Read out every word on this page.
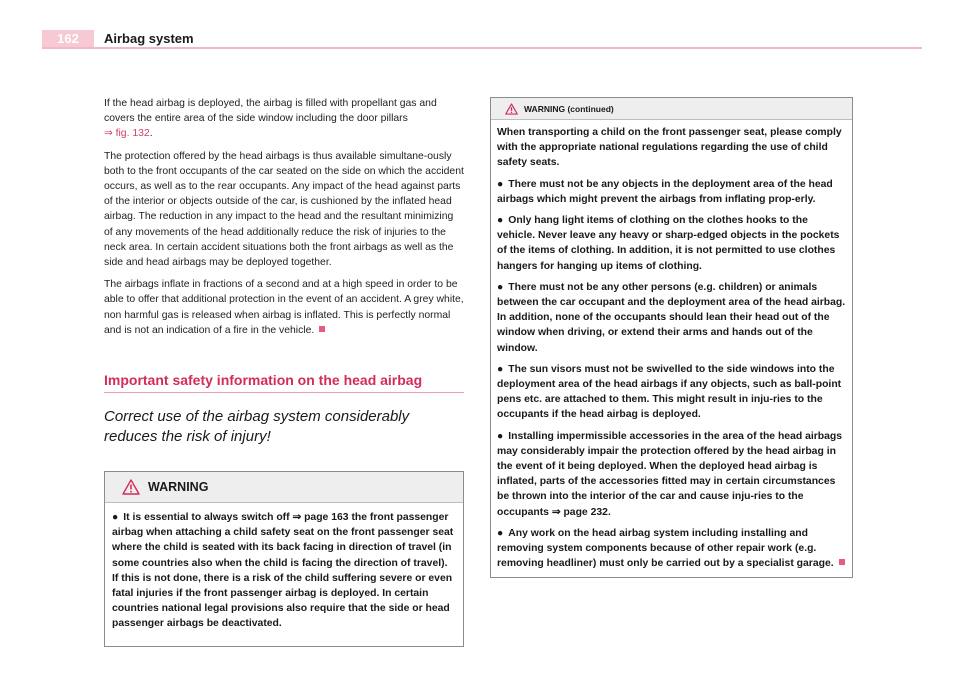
162	Airbag system

If the head airbag is deployed, the airbag is filled with propellant gas and covers the entire area of the side window including the door pillars
⇒ fig. 132.

The protection offered by the head airbags is thus available simultane-ously both to the front occupants of the car seated on the side on which the accident occurs, as well as to the rear occupants. Any impact of the head against parts of the interior or objects outside of the car, is cushioned by the inflated head airbag. The reduction in any impact to the head and the resultant minimizing of any movements of the head additionally reduce the risk of injuries to the neck area. In certain accident situations both the front airbags as well as the side and head airbags may be deployed together.

The airbags inflate in fractions of a second and at a high speed in order to be able to offer that additional protection in the event of an accident. A grey white, non harmful gas is released when airbag is inflated. This is perfectly normal and is not an indication of a fire in the vehicle.

Important safety information on the head airbag
Correct use of the airbag system considerably reduces the risk of injury!
WARNING

● It is essential to always switch off ⇒ page 163 the front passenger airbag when attaching a child safety seat on the front passenger seat where the child is seated with its back facing in direction of travel (in some countries also when the child is facing the direction of travel). If this is not done, there is a risk of the child suffering severe or even fatal injuries if the front passenger airbag is deployed. In certain countries national legal provisions also require that the side or head passenger airbags be deactivated.

WARNING (continued)

When transporting a child on the front passenger seat, please comply with the appropriate national regulations regarding the use of child safety seats.

● There must not be any objects in the deployment area of the head airbags which might prevent the airbags from inflating prop-erly.

● Only hang light items of clothing on the clothes hooks to the vehicle. Never leave any heavy or sharp-edged objects in the pockets of the items of clothing. In addition, it is not permitted to use clothes hangers for hanging up items of clothing.

● There must not be any other persons (e.g. children) or animals between the car occupant and the deployment area of the head airbag. In addition, none of the occupants should lean their head out of the window when driving, or extend their arms and hands out of the window.

● The sun visors must not be swivelled to the side windows into the deployment area of the head airbags if any objects, such as ball-point pens etc. are attached to them. This might result in inju-ries to the occupants if the head airbag is deployed.

● Installing impermissible accessories in the area of the head airbags may considerably impair the protection offered by the head airbag in the event of it being deployed. When the deployed head airbag is inflated, parts of the accessories fitted may in certain circumstances be thrown into the interior of the car and cause inju-ries to the occupants ⇒ page 232.

● Any work on the head airbag system including installing and removing system components because of other repair work (e.g. removing headliner) must only be carried out by a specialist garage.
